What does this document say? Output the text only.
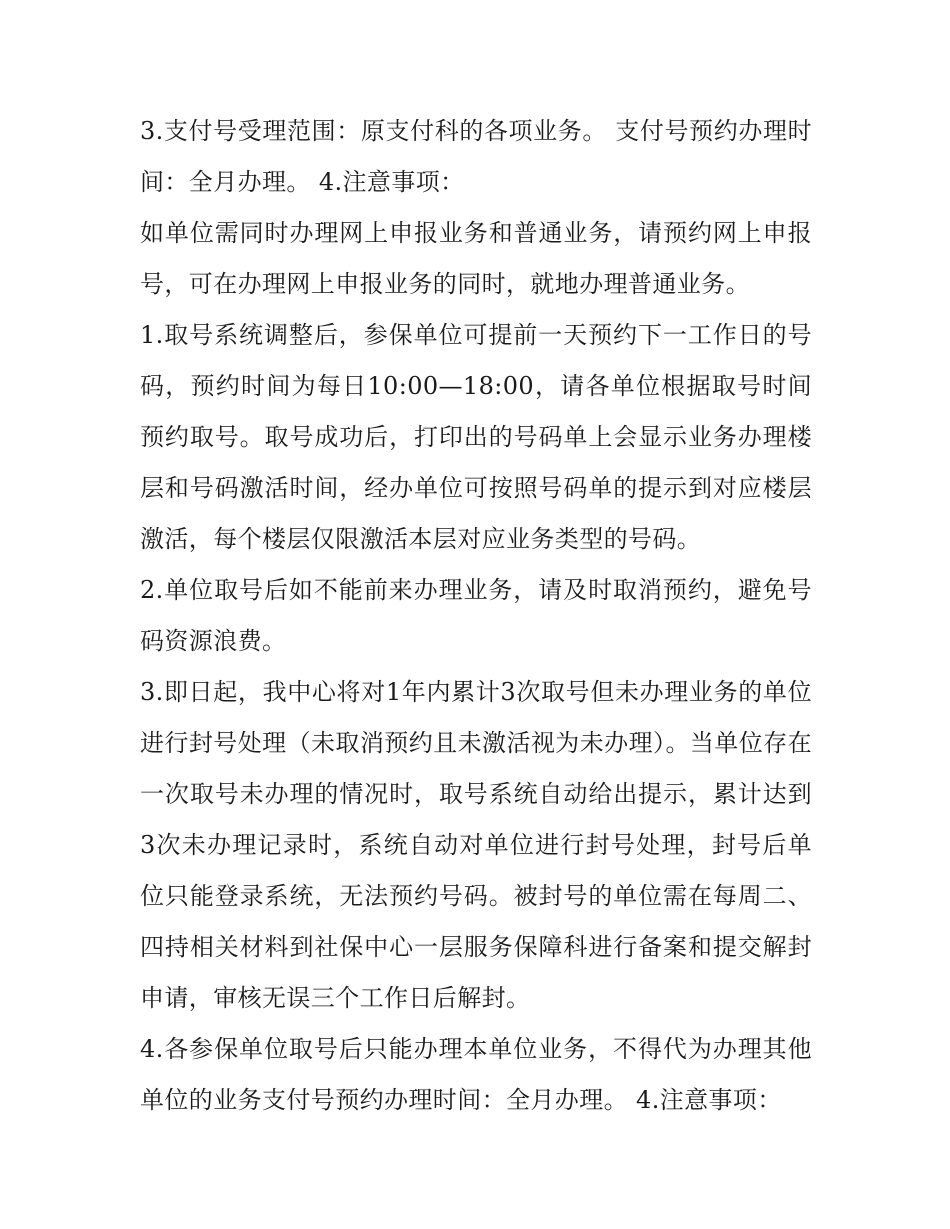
3.支付号受理范围：原支付科的各项业务。 支付号预约办理时间：全月办理。 4.注意事项：

如单位需同时办理网上申报业务和普通业务，请预约网上申报号，可在办理网上申报业务的同时，就地办理普通业务。

1.取号系统调整后，参保单位可提前一天预约下一工作日的号码，预约时间为每日10:00—18:00，请各单位根据取号时间预约取号。取号成功后，打印出的号码单上会显示业务办理楼层和号码激活时间，经办单位可按照号码单的提示到对应楼层激活，每个楼层仅限激活本层对应业务类型的号码。

2.单位取号后如不能前来办理业务，请及时取消预约，避免号码资源浪费。

3.即日起，我中心将对1年内累计3次取号但未办理业务的单位进行封号处理（未取消预约且未激活视为未办理）。当单位存在一次取号未办理的情况时，取号系统自动给出提示，累计达到3次未办理记录时，系统自动对单位进行封号处理，封号后单位只能登录系统，无法预约号码。被封号的单位需在每周二、四持相关材料到社保中心一层服务保障科进行备案和提交解封申请，审核无误三个工作日后解封。

4.各参保单位取号后只能办理本单位业务，不得代为办理其他单位的业务支付号预约办理时间：全月办理。 4.注意事项：
